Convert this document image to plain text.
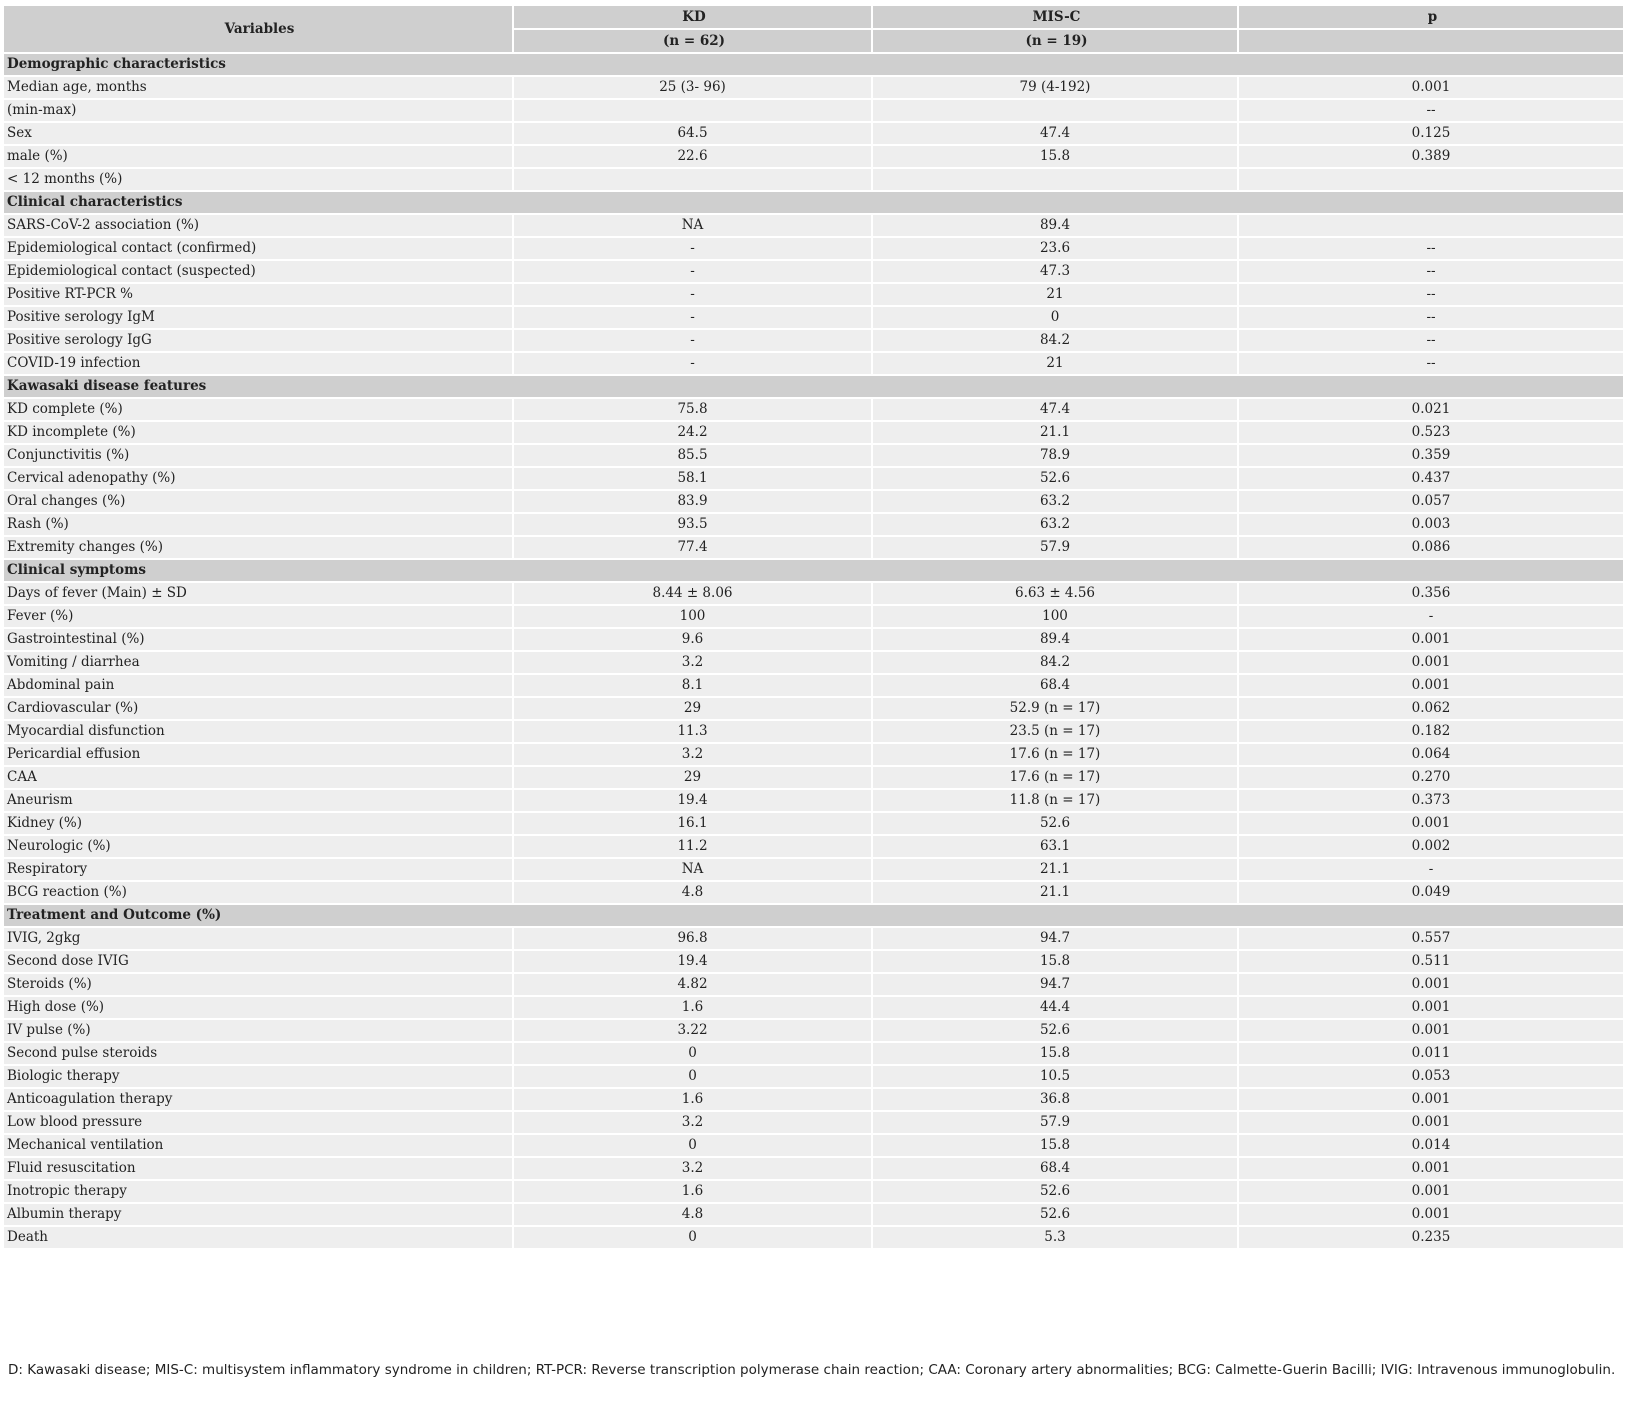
Variables	KD	MIS-C	p
	(n = 62)	(n = 19)	
Demographic characteristics			
Median age, months	25 (3- 96)	79 (4-192)	0.001
(min-max)			--
Sex	64.5	47.4	0.125
male (%)	22.6	15.8	0.389
< 12 months (%)			
Clinical characteristics			
SARS-CoV-2 association (%)	NA	89.4	
Epidemiological contact (confirmed)	-	23.6	--
Epidemiological contact (suspected)	-	47.3	--
Positive RT-PCR %	-	21	--
Positive serology IgM	-	0	--
Positive serology IgG	-	84.2	--
COVID-19 infection	-	21	--
Kawasaki disease features			
KD complete (%)	75.8	47.4	0.021
KD incomplete (%)	24.2	21.1	0.523
Conjunctivitis (%)	85.5	78.9	0.359
Cervical adenopathy (%)	58.1	52.6	0.437
Oral changes (%)	83.9	63.2	0.057
Rash (%)	93.5	63.2	0.003
Extremity changes (%)	77.4	57.9	0.086
Clinical symptoms			
Days of fever (Main) ± SD	8.44 ± 8.06	6.63 ± 4.56	0.356
Fever (%)	100	100	-
Gastrointestinal (%)	9.6	89.4	0.001
Vomiting / diarrhea	3.2	84.2	0.001
Abdominal pain	8.1	68.4	0.001
Cardiovascular (%)	29	52.9 (n = 17)	0.062
Myocardial disfunction	11.3	23.5 (n = 17)	0.182
Pericardial effusion	3.2	17.6 (n = 17)	0.064
CAA	29	17.6 (n = 17)	0.270
Aneurism	19.4	11.8 (n = 17)	0.373
Kidney (%)	16.1	52.6	0.001
Neurologic (%)	11.2	63.1	0.002
Respiratory	NA	21.1	-
BCG reaction (%)	4.8	21.1	0.049
Treatment and Outcome (%)			
IVIG, 2gkg	96.8	94.7	0.557
Second dose IVIG	19.4	15.8	0.511
Steroids (%)	4.82	94.7	0.001
High dose (%)	1.6	44.4	0.001
IV pulse (%)	3.22	52.6	0.001
Second pulse steroids	0	15.8	0.011
Biologic therapy	0	10.5	0.053
Anticoagulation therapy	1.6	36.8	0.001
Low blood pressure	3.2	57.9	0.001
Mechanical ventilation	0	15.8	0.014
Fluid resuscitation	3.2	68.4	0.001
Inotropic therapy	1.6	52.6	0.001
Albumin therapy	4.8	52.6	0.001
Death	0	5.3	0.235
D: Kawasaki disease; MIS-C: multisystem inflammatory syndrome in children; RT-PCR: Reverse transcription polymerase chain reaction; CAA: Coronary artery abnormalities; BCG: Calmette-Guerin Bacilli; IVIG: Intravenous immunoglobulin.
